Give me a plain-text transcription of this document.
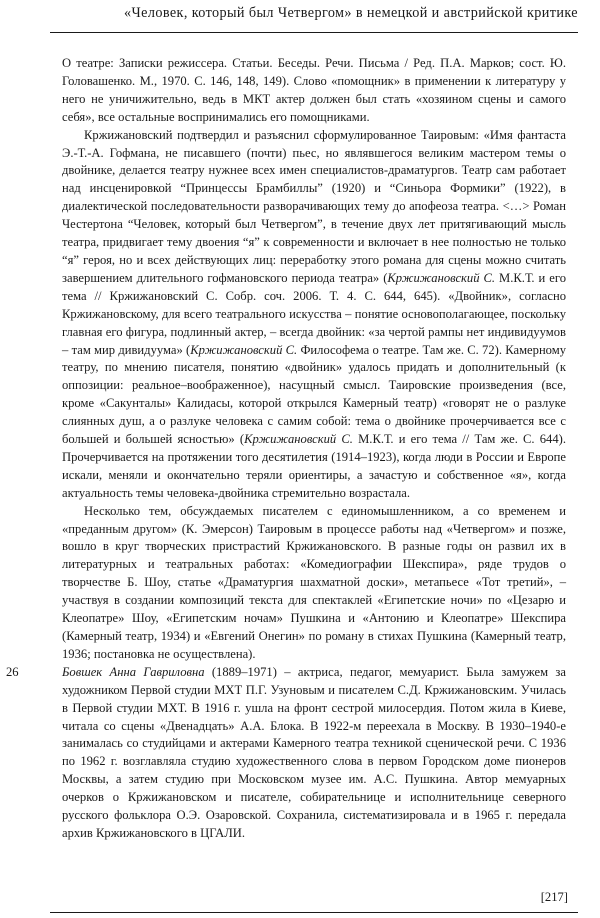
«Человек, который был Четвергом» в немецкой и австрийской критике

О театре: Записки режиссера. Статьи. Беседы. Речи. Письма / Ред. П.А. Марков; сост. Ю. Головашенко. М., 1970. С. 146, 148, 149). Слово «помощник» в применении к литературу у него не уничижительно, ведь в МКТ актер должен был стать «хозяином сцены и самого себя», все остальные воспринимались его помощниками.

Кржижановский подтвердил и разъяснил сформулированное Таировым: «Имя фантаста Э.-Т.-А. Гофмана, не писавшего (почти) пьес, но являвшегося великим мастером темы о двойнике, делается театру нужнее всех имен специалистов-драматургов. Театр сам работает над инсценировкой “Принцессы Брамбиллы” (1920) и “Синьора Формики” (1922), в диалектической последовательности разворачивающих тему до апофеоза театра. <…> Роман Честертона “Человек, который был Четвергом”, в течение двух лет притягивающий мысль театра, придвигает тему двоения “я” к современности и включает в нее полностью не только “я” героя, но и всех действующих лиц: переработку этого романа для сцены можно считать завершением длительного гофмановского периода театра» (Кржижановский С. М.К.Т. и его тема // Кржижановский С. Собр. соч. 2006. Т. 4. С. 644, 645). «Двойник», согласно Кржижановскому, для всего театрального искусства – понятие основополагающее, поскольку главная его фигура, подлинный актер, – всегда двойник: «за чертой рампы нет индивидуумов – там мир дивидуума» (Кржижановский С. Философема о театре. Там же. С. 72). Камерному театру, по мнению писателя, понятию «двойник» удалось придать и дополнительный (к оппозиции: реальное–воображенное), насущный смысл. Таировские произведения (все, кроме «Сакунталы» Калидасы, которой открылся Камерный театр) «говорят не о разлуке слиянных душ, а о разлуке человека с самим собой: тема о двойнике прочерчивается все с большей и большей ясностью» (Кржижановский С. М.К.Т. и его тема // Там же. С. 644). Прочерчивается на протяжении того десятилетия (1914–1923), когда люди в России и Европе искали, меняли и окончательно теряли ориентиры, а зачастую и собственное «я», когда актуальность темы человека-двойника стремительно возрастала.

Несколько тем, обсуждаемых писателем с единомышленником, а со временем и «преданным другом» (К. Эмерсон) Таировым в процессе работы над «Четвергом» и позже, вошло в круг творческих пристрастий Кржижановского. В разные годы он развил их в литературных и театральных работах: «Комедиографии Шекспира», ряде трудов о творчестве Б. Шоу, статье «Драматургия шахматной доски», метапьесе «Тот третий», – участвуя в создании композиций текста для спектаклей «Египетские ночи» по «Цезарю и Клеопатре» Шоу, «Египетским ночам» Пушкина и «Антонию и Клеопатре» Шекспира (Камерный театр, 1934) и «Евгений Онегин» по роману в стихах Пушкина (Камерный театр, 1936; постановка не осуществлена).

26	Бовшек Анна Гавриловна (1889–1971) – актриса, педагог, мемуарист. Была замужем за художником Первой студии МХТ П.Г. Узуновым и писателем С.Д. Кржижановским. Училась в Первой студии МХТ. В 1916 г. ушла на фронт сестрой милосердия. Потом жила в Киеве, читала со сцены «Двенадцать» А.А. Блока. В 1922-м переехала в Москву. В 1930–1940-е занималась со студийцами и актерами Камерного театра техникой сценической речи. С 1936 по 1962 г. возглавляла студию художественного слова в первом Городском доме пионеров Москвы, а затем студию при Московском музее им. А.С. Пушкина. Автор мемуарных очерков о Кржижановском и писателе, собирательнице и исполнительнице северного русского фольклора О.Э. Озаровской. Сохранила, систематизировала и в 1965 г. передала архив Кржижановского в ЦГАЛИ.

[217]
